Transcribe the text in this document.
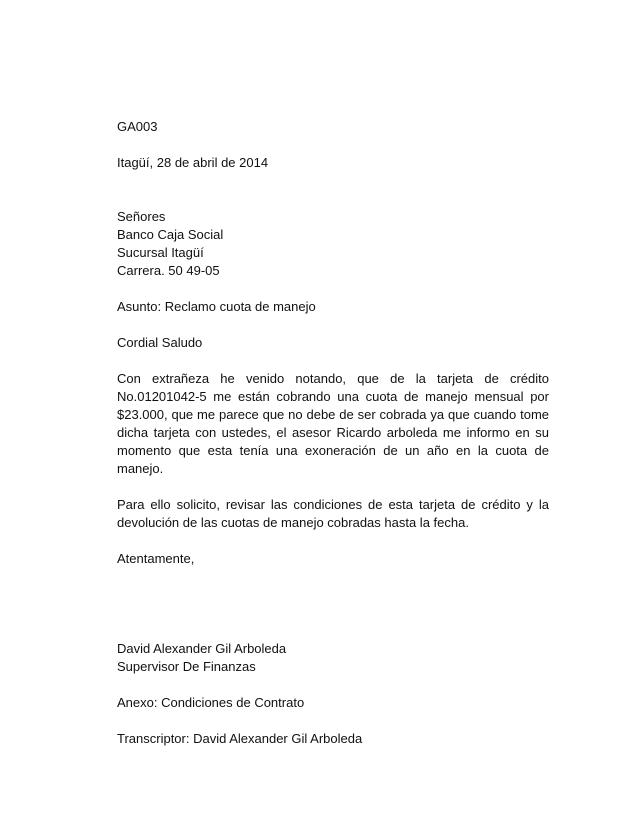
GA003
Itagüí, 28 de abril de 2014
Señores
Banco Caja Social
Sucursal Itagüí
Carrera. 50 49-05
Asunto: Reclamo cuota de manejo
Cordial Saludo

Con extrañeza he venido notando, que de la tarjeta de crédito No.01201042-5 me están cobrando una cuota de manejo mensual por $23.000, que me parece que no debe de ser cobrada ya que cuando tome dicha tarjeta con ustedes, el asesor Ricardo arboleda me informo en su momento que esta tenía una exoneración de un año en la cuota de manejo.

Para ello solicito, revisar las condiciones de esta tarjeta de crédito y la devolución de las cuotas de manejo cobradas hasta la fecha.

Atentamente,
David Alexander Gil Arboleda
Supervisor De Finanzas
Anexo: Condiciones de Contrato
Transcriptor: David Alexander Gil Arboleda
